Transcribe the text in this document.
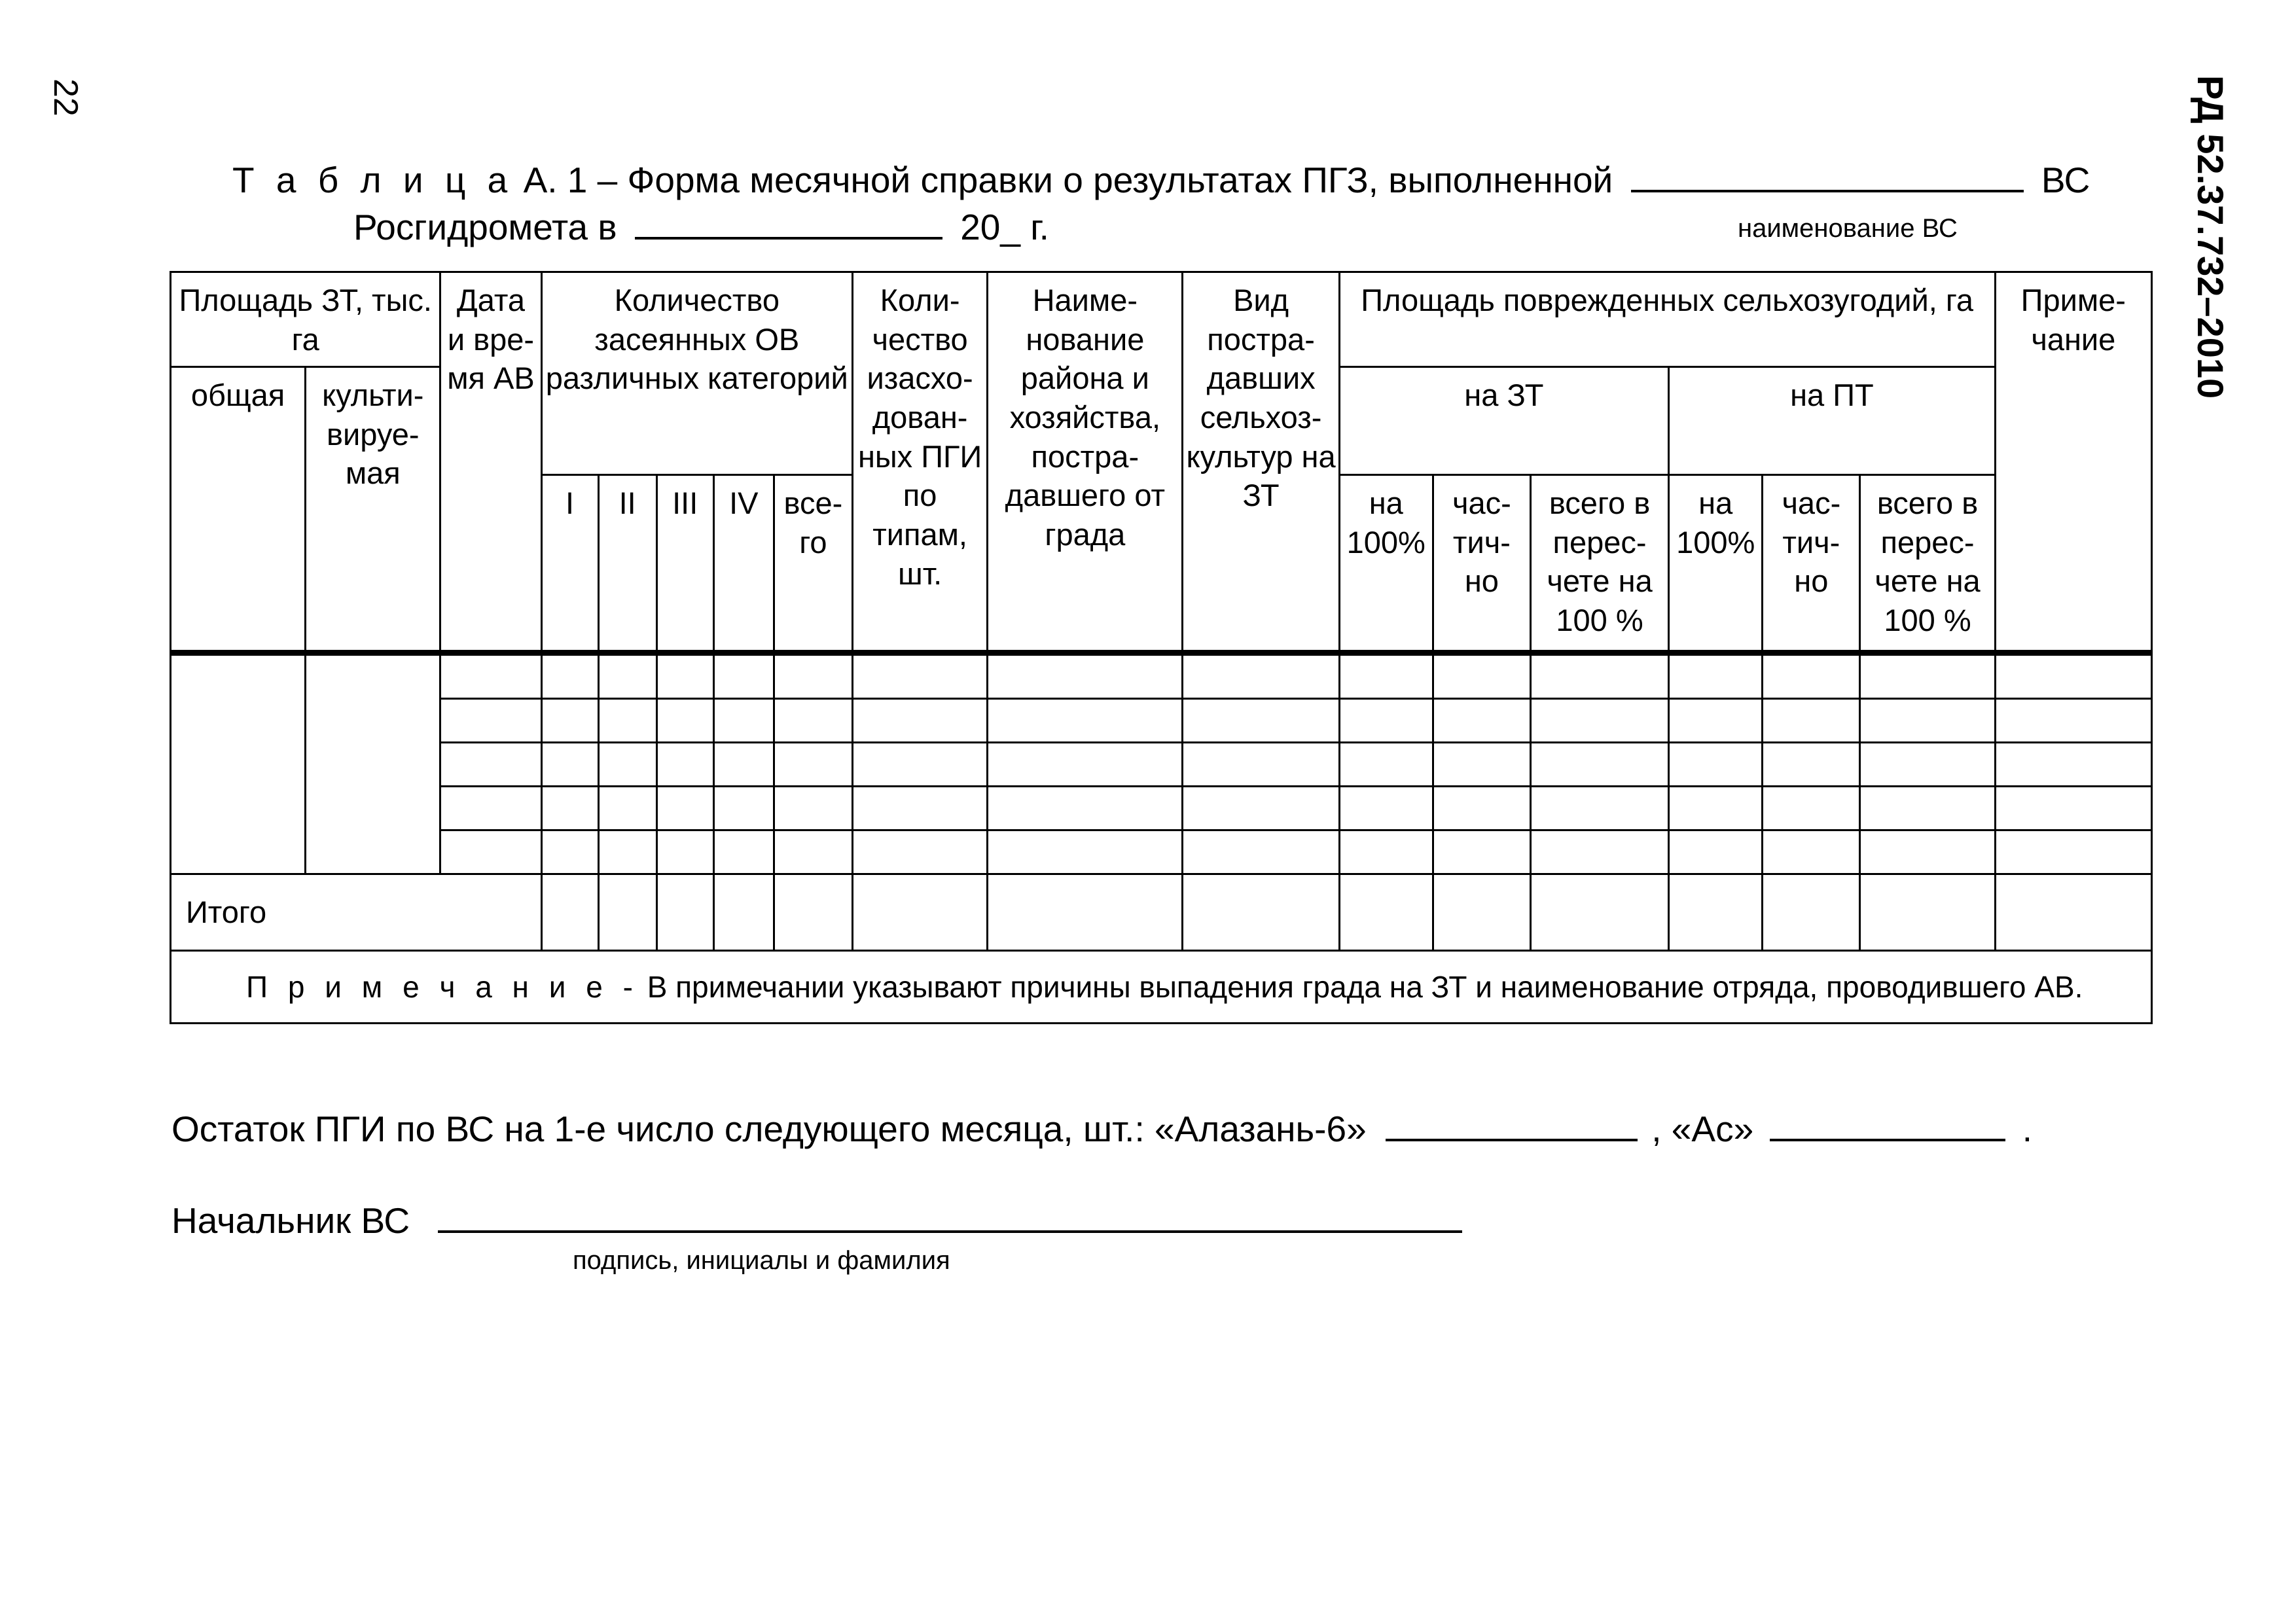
22	РД 52.37.732–2010
Т а б л и ц а А. 1 – Форма месячной справки о результатах ПГЗ, выполненной	ВС
Росгидромета в	20_ г.	наименование ВС
Площадь ЗТ, тыс. га		Дата и вре-мя АВ	Количество засеянных ОВ различных категорий					Коли-чество изасхо-дован-ных ПГИ по типам, шт.	Наиме-нование района и хозяйства, постра-давшего от града	Вид постра-давших сельхоз-культур на ЗТ	Площадь поврежденных сельхозугодий, га						Приме-чание
общая	культи-вируе-мая										на ЗТ			на ПТ			
			I	II	III	IV	все-го				на 100%	час-тич-но	всего в перес-чете на 100 %	на 100%	час-тич-но	всего в перес-чете на 100 %	

Итого																	
П р и м е ч а н и е - В примечании указывают причины выпадения града на ЗТ и наименование отряда, проводившего АВ.																	
Остаток ПГИ по ВС на 1-е число следующего месяца, шт.: «Алазань-6»	, «Ас»	.
Начальник ВС
подпись, инициалы и фамилия
